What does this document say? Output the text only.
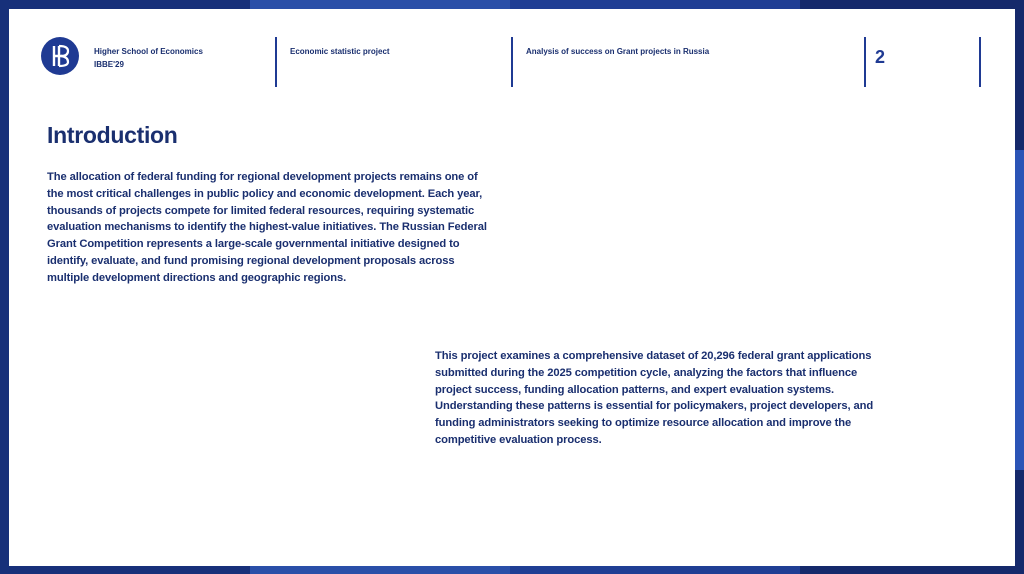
Higher School of Economics
IBBE'29
Economic statistic project	Analysis of success on Grant projects in Russia	2
Introduction

The allocation of federal funding for regional development projects remains one of the most critical challenges in public policy and economic development. Each year, thousands of projects compete for limited federal resources, requiring systematic evaluation mechanisms to identify the highest-value initiatives. The Russian Federal Grant Competition represents a large-scale governmental initiative designed to identify, evaluate, and fund promising regional development proposals across multiple development directions and geographic regions.

This project examines a comprehensive dataset of 20,296 federal grant applications submitted during the 2025 competition cycle, analyzing the factors that influence project success, funding allocation patterns, and expert evaluation systems. Understanding these patterns is essential for policymakers, project developers, and funding administrators seeking to optimize resource allocation and improve the competitive evaluation process.
